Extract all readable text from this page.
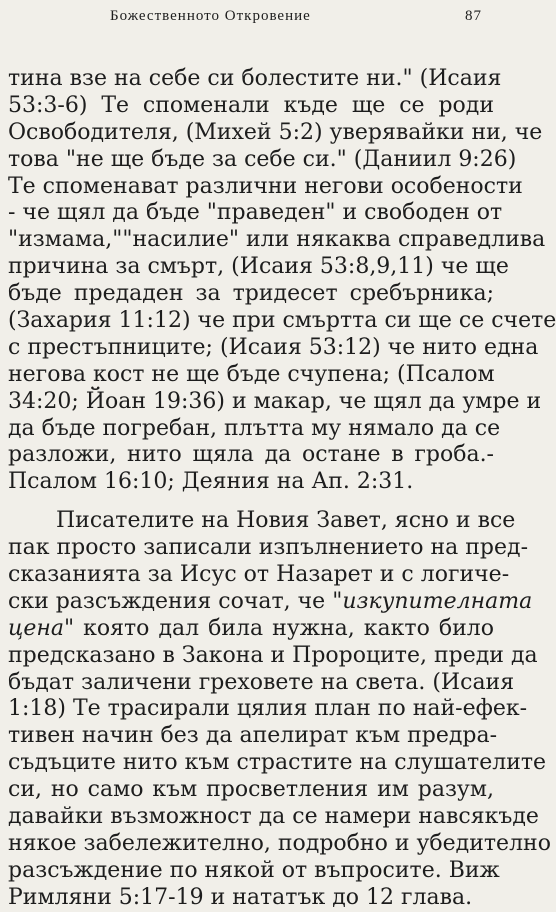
Божественното Откровение	87
тина взе на себе си болестите ни." (Исаия
53:3-6) Те споменали къде ще се роди
Освободителя, (Михей 5:2) уверявайки ни, че
това "не ще бъде за себе си." (Даниил 9:26)
Те споменават различни негови особености
- че щял да бъде "праведен" и свободен от
"измама,""насилие" или някаква справедлива
причина за смърт, (Исаия 53:8,9,11) че ще
бъде предаден за тридесет сребърника;
(Захария 11:12) че при смъртта си ще се счете
с престъпниците; (Исаия 53:12) че нито една
негова кост не ще бъде счупена; (Псалом
34:20; Йоан 19:36) и макар, че щял да умре и
да бъде погребан, плътта му нямало да се
разложи, нито щяла да остане в гроба.-
Псалом 16:10; Деяния на Ап. 2:31.
Писателите на Новия Завет, ясно и все
пак просто записали изпълнението на пред-
сказанията за Исус от Назарет и с логиче-
ски разсъждения сочат, че "изкупителната
цена" която дал била нужна, както било
предсказано в Закона и Пророците, преди да
бъдат заличени греховете на света. (Исаия
1:18) Те трасирали цялия план по най-ефек-
тивен начин без да апелират към предра-
съдъците нито към страстите на слушателите
си, но само към просветления им разум,
давайки възможност да се намери навсякъде
някое забележително, подробно и убедително
разсъждение по някой от въпросите. Виж
Римляни 5:17-19 и нататък до 12 глава.
